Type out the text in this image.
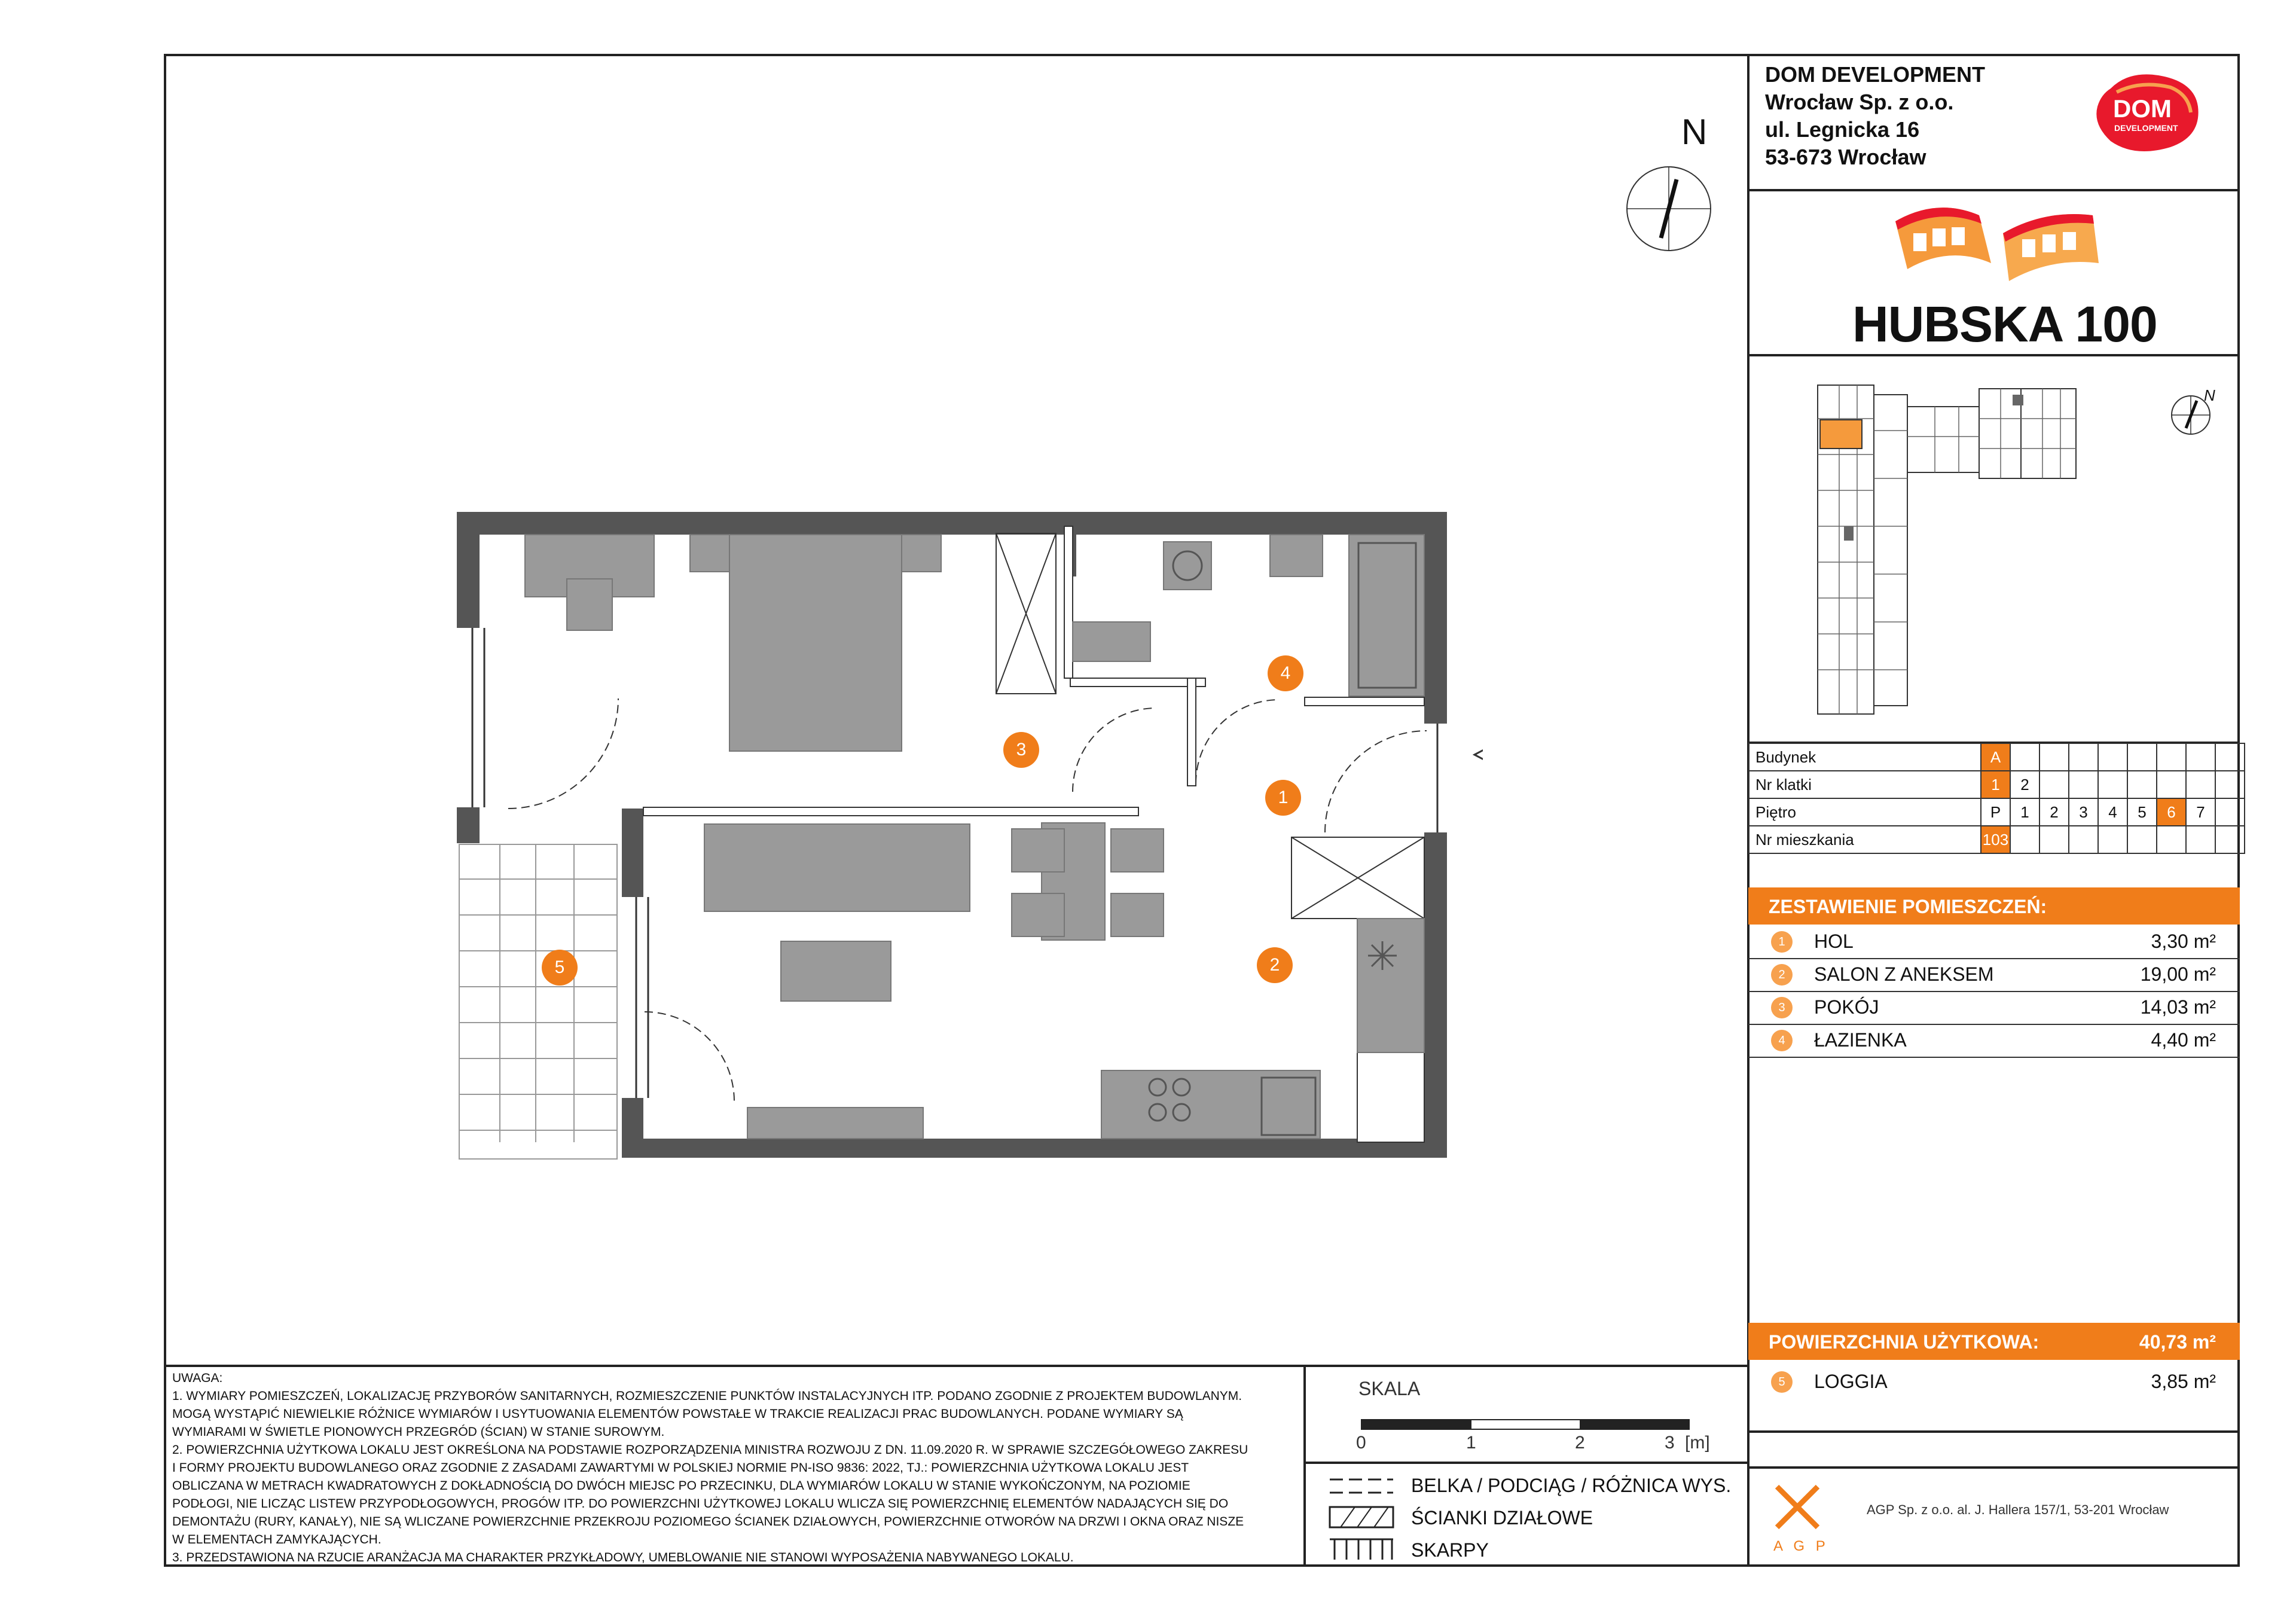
DOM DEVELOPMENT
Wrocław Sp. z o.o.
ul. Legnicka 16
53-673 Wrocław
DOM
DEVELOPMENT
HUBSKA 100
N
Budynek	A								
Nr klatki	1	2							
Piętro	P	1	2	3	4	5	6	7	
Nr mieszkania	103								
ZESTAWIENIE POMIESZCZEŃ:
1	HOL	3,30 m²
2	SALON Z ANEKSEM	19,00 m²
3	POKÓJ	14,03 m²
4	ŁAZIENKA	4,40 m²
POWIERZCHNIA UŻYTKOWA:	40,73 m²
5	LOGGIA	3,85 m²
SKALA
0	1	2	3 [m]
BELKA / PODCIĄG / RÓŻNICA WYS.
ŚCIANKI DZIAŁOWE
SKARPY	A G P
AGP Sp. z o.o. al. J. Hallera 157/1, 53-201 Wrocław
UWAGA:
1. WYMIARY POMIESZCZEŃ, LOKALIZACJĘ PRZYBORÓW SANITARNYCH, ROZMIESZCZENIE PUNKTÓW INSTALACYJNYCH ITP. PODANO ZGODNIE Z PROJEKTEM BUDOWLANYM.
MOGĄ WYSTĄPIĆ NIEWIELKIE RÓŻNICE WYMIARÓW I USYTUOWANIA ELEMENTÓW POWSTAŁE W TRAKCIE REALIZACJI PRAC BUDOWLANYCH. PODANE WYMIARY SĄ
WYMIARAMI W ŚWIETLE PIONOWYCH PRZEGRÓD (ŚCIAN) W STANIE SUROWYM.
2. POWIERZCHNIA UŻYTKOWA LOKALU JEST OKREŚLONA NA PODSTAWIE ROZPORZĄDZENIA MINISTRA ROZWOJU Z DN. 11.09.2020 R. W SPRAWIE SZCZEGÓŁOWEGO ZAKRESU
I FORMY PROJEKTU BUDOWLANEGO ORAZ ZGODNIE Z ZASADAMI ZAWARTYMI W POLSKIEJ NORMIE PN-ISO 9836: 2022, TJ.: POWIERZCHNIA UŻYTKOWA LOKALU JEST
OBLICZANA W METRACH KWADRATOWYCH Z DOKŁADNOŚCIĄ DO DWÓCH MIEJSC PO PRZECINKU, DLA WYMIARÓW LOKALU W STANIE WYKOŃCZONYM, NA POZIOMIE
PODŁOGI, NIE LICZĄC LISTEW PRZYPODŁOGOWYCH, PROGÓW ITP. DO POWIERZCHNI UŻYTKOWEJ LOKALU WLICZA SIĘ POWIERZCHNIĘ ELEMENTÓW NADAJĄCYCH SIĘ DO
DEMONTAŻU (RURY, KANAŁY), NIE SĄ WLICZANE POWIERZCHNIE PRZEKROJU POZIOMEGO ŚCIANEK DZIAŁOWYCH, POWIERZCHNIE OTWORÓW NA DRZWI I OKNA ORAZ NISZE
W ELEMENTACH ZAMYKAJĄCYCH.
3. PRZEDSTAWIONA NA RZUCIE ARANŻACJA MA CHARAKTER PRZYKŁADOWY, UMEBLOWANIE NIE STANOWI WYPOSAŻENIA NABYWANEGO LOKALU.
N
1
2
3
4
5
